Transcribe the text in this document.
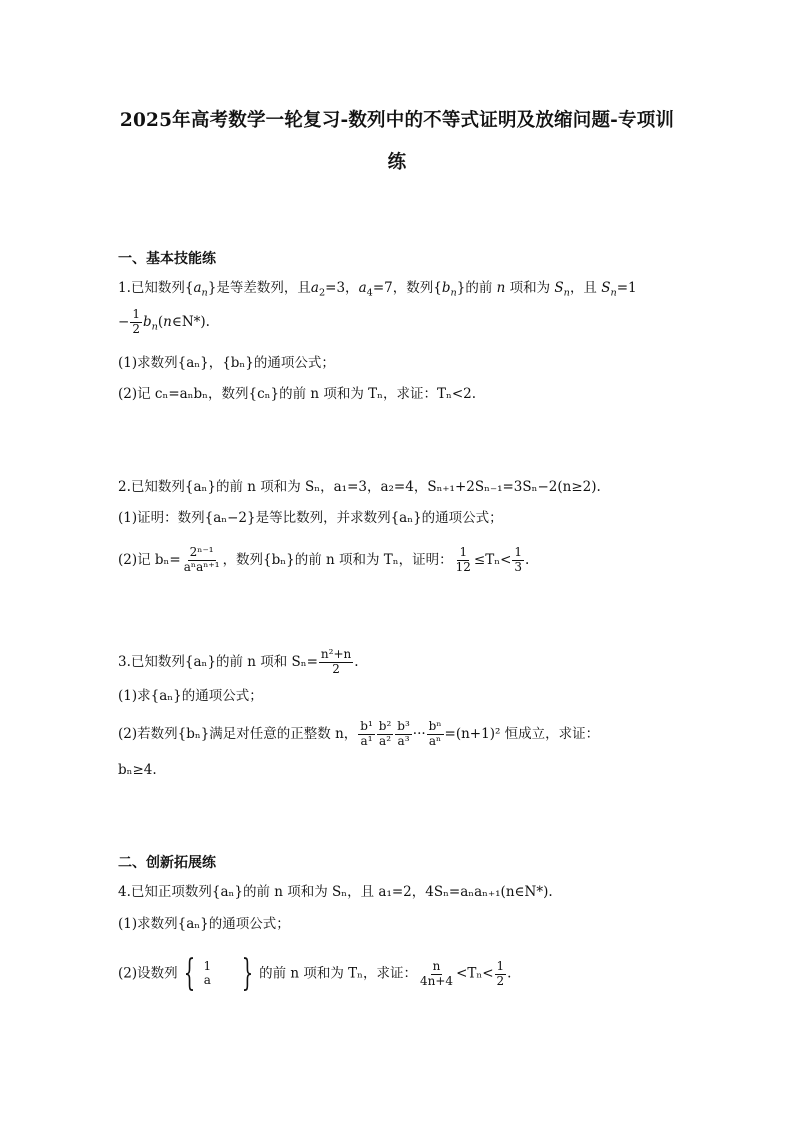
2025年高考数学一轮复习-数列中的不等式证明及放缩问题-专项训
练
一、基本技能练
1.已知数列$\{a_n\}$是等差数列，且$a_2=3$，$a_4=7$，数列$\{b_n\}$的前 n 项和为 $S_n$，且 $S_n=1$
− $\frac{1}{2}$ $b_n(n\in N*)$.
(1)求数列{aₙ}，{bₙ}的通项公式；
(2)记 cₙ=aₙbₙ，数列{cₙ}的前 n 项和为 Tₙ，求证：Tₙ<2.
2.已知数列{aₙ}的前 n 项和为 Sₙ，a₁=3，a₂=4，Sₙ₊₁+2Sₙ₋₁=3Sₙ−2(n≥2).
(1)证明：数列{aₙ−2}是等比数列，并求数列{aₙ}的通项公式；
(2)记 $b_n= \frac{\text{2ⁿ⁻¹}}{\text{aⁿaⁿ⁺¹}}$ ，数列{bₙ}的前 n 项和为 Tₙ，证明： $\frac{1}{12} \le T_n< \frac{1}{3}$ .
3.已知数列{aₙ}的前 n 项和 $S_n= \frac{\text{n²+n}}{2}$ .
(1)求{aₙ}的通项公式；
(2)若数列{bₙ}满足对任意的正整数 n， $\frac{\text{b¹}}{\text{a¹}} \frac{\text{b²}}{\text{a²}} \frac{\text{b³}}{\text{a³}}$ ··· $\frac{\text{bⁿ}}{\text{aⁿ}} =(n+1)^2$ 恒成立，求证：
bₙ≥4.
二、创新拓展练
4.已知正项数列{aₙ}的前 n 项和为 Sₙ，且 a₁=2，4Sₙ=aₙaₙ₊₁(n∈N*).
(1)求数列{aₙ}的通项公式；
(2)设数列 { 1
a } 的前 n 项和为 Tₙ，求证： $\frac{n}{4n+4} <T_n< \frac{1}{2}$ .
